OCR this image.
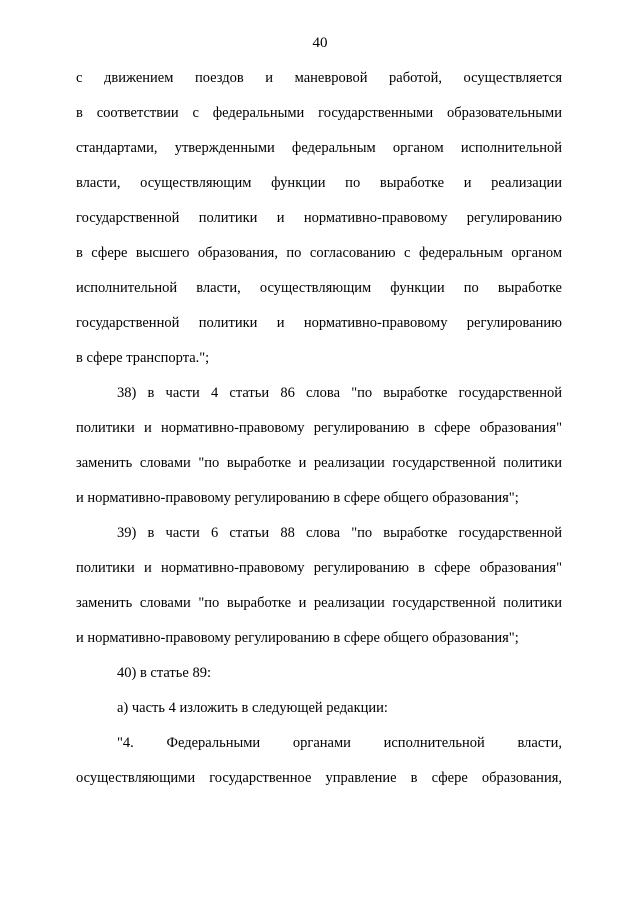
40
с движением поездов и маневровой работой, осуществляется
в соответствии с федеральными государственными образовательными
стандартами, утвержденными федеральным органом исполнительной
власти, осуществляющим функции по выработке и реализации
государственной политики и нормативно-правовому регулированию
в сфере высшего образования, по согласованию с федеральным органом
исполнительной власти, осуществляющим функции по выработке
государственной политики и нормативно-правовому регулированию
в сфере транспорта.";
38) в части 4 статьи 86 слова "по выработке государственной
политики и нормативно-правовому регулированию в сфере образования"
заменить словами "по выработке и реализации государственной политики
и нормативно-правовому регулированию в сфере общего образования";
39) в части 6 статьи 88 слова "по выработке государственной
политики и нормативно-правовому регулированию в сфере образования"
заменить словами "по выработке и реализации государственной политики
и нормативно-правовому регулированию в сфере общего образования";
40) в статье 89:
а) часть 4 изложить в следующей редакции:
"4. Федеральными органами исполнительной власти,
осуществляющими государственное управление в сфере образования,
